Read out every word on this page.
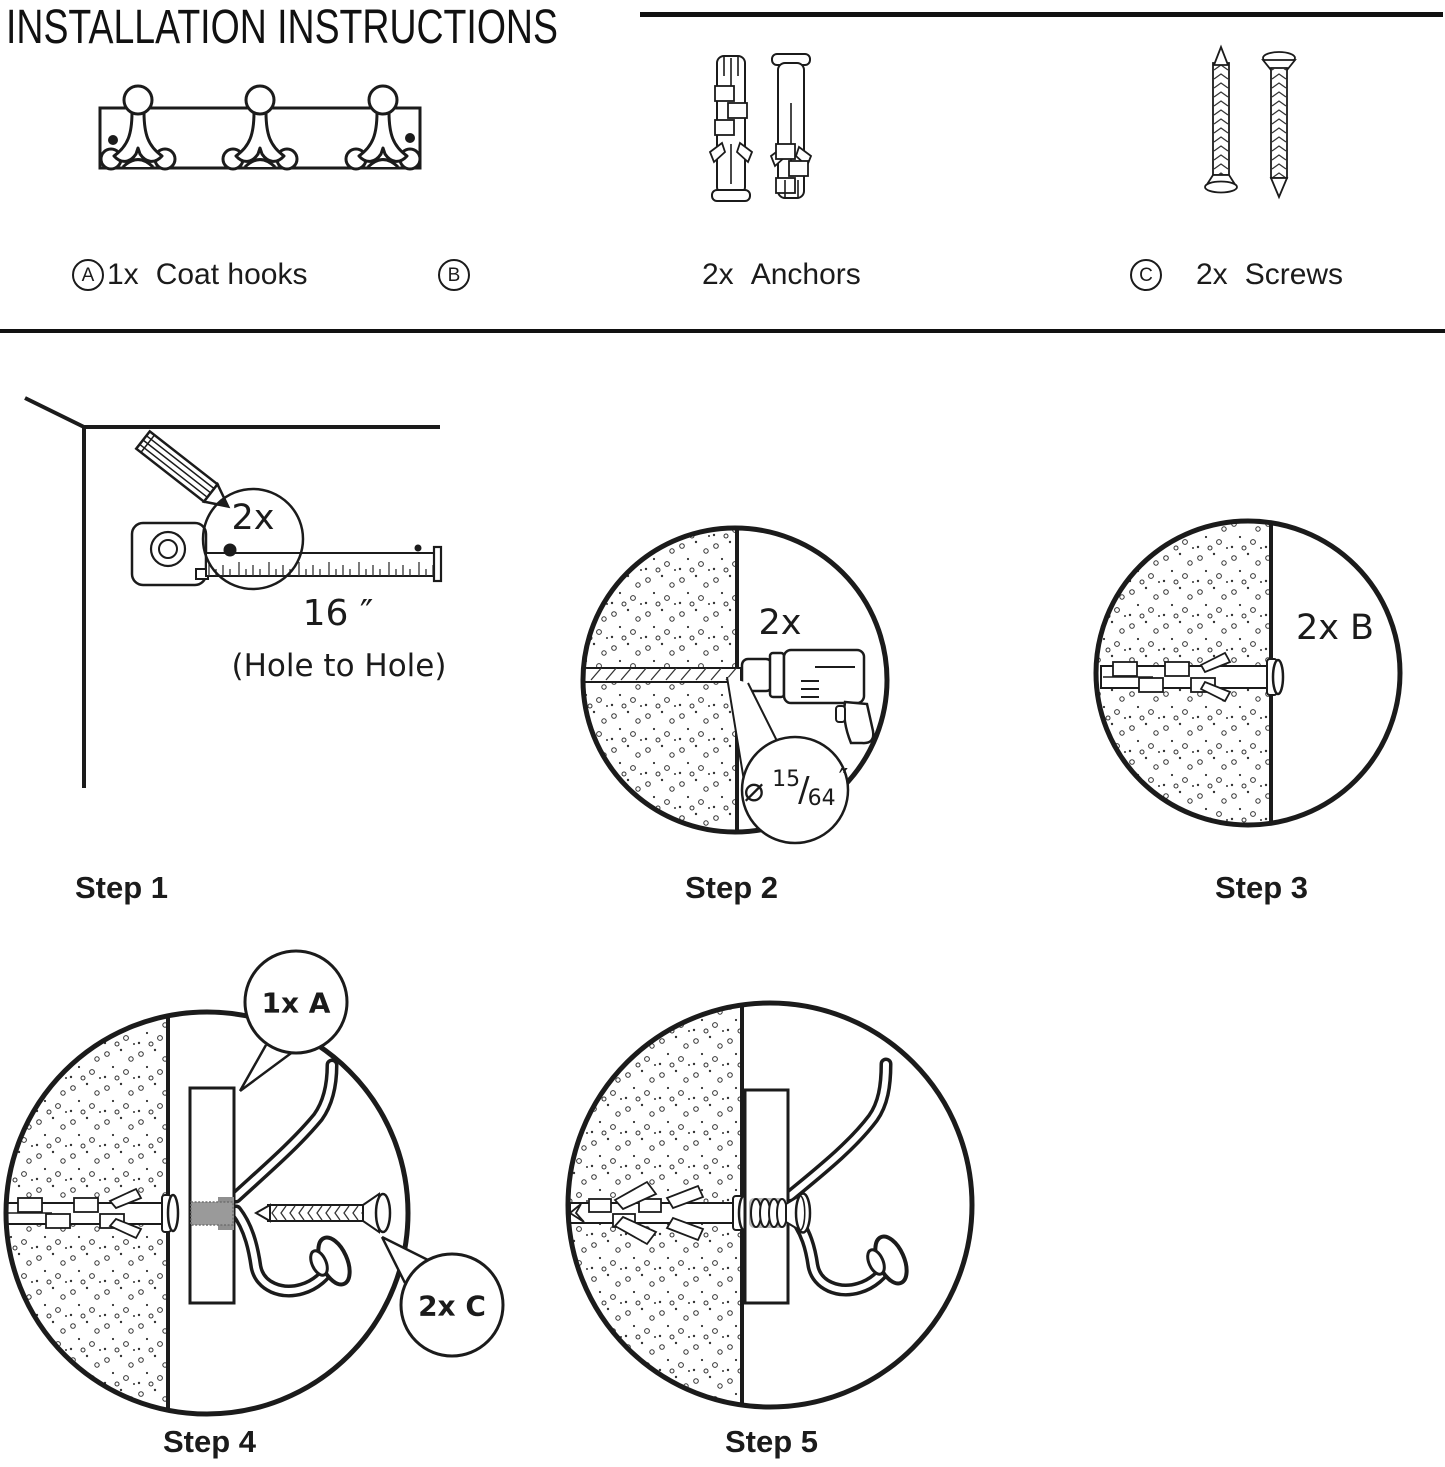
INSTALLATION INSTRUCTIONS
A 1x Coat hooks	B	2x Anchors	C 2x Screws
2x
16 ″
(Hole to Hole)
2x
⌀ 15
/
64
″
2x B
Step 1	Step 2	Step 3
1x A
2x C
Step 4	Step 5
